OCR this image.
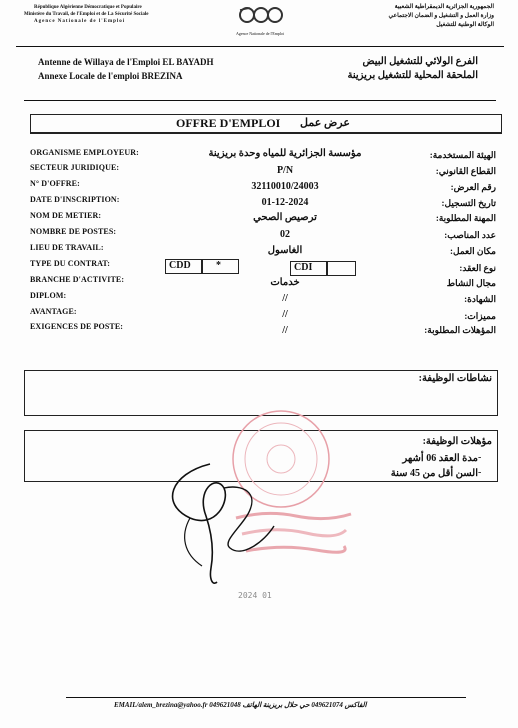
République Algérienne Démocratique et Populaire
Ministère du Travail, de l'Emploi et de La Sécurité Sociale
Agence Nationale de l'Emploi
Agence Nationale de l'Emploi
الجمهورية الجزائرية الديمقراطية الشعبية
وزارة العمل و التشغيل و الضمان الاجتماعي
الوكالة الوطنية للتشغيل
Antenne de Willaya de l'Emploi EL BAYADH
Annexe Locale de l'emploi BREZINA
الفرع الولائي للتشغيل البيض
الملحقة المحلية للتشغيل بريزينة
OFFRE D'EMPLOI عرض عمل
ORGANISME EMPLOYEUR:
SECTEUR JURIDIQUE:
N° D'OFFRE:
DATE D'INSCRIPTION:
NOM DE METIER:
NOMBRE DE POSTES:
LIEU DE TRAVAIL:
TYPE DU CONTRAT:
BRANCHE D'ACTIVITE:
DIPLOM:
AVANTAGE:
EXIGENCES DE POSTE:
الهيئة المستخدمة:
القطاع القانوني:
رقم العرض:
تاريخ التسجيل:
المهنة المطلوبة:
عدد المناصب:
مكان العمل:
نوع العقد:
مجال النشاط
الشهادة:
مميزات:
المؤهلات المطلوبة:
مؤسسة الجزائرية للمياه وحدة بريزينة
P/N
32110010/24003
01-12-2024
ترصيص الصحي
02
الغاسول
CDD	*	CDI
خدمات
//
//
//
نشاطات الوظيفة:
مؤهلات الوظيفة:
مدة العقد 06 أشهر
السن أقل من 45 سنة
-
-
2024 01
EMAIL/alem_brezina@yahoo.fr 049621048 الفاكس 049621074 حي حلال بريزينة الهاتف
